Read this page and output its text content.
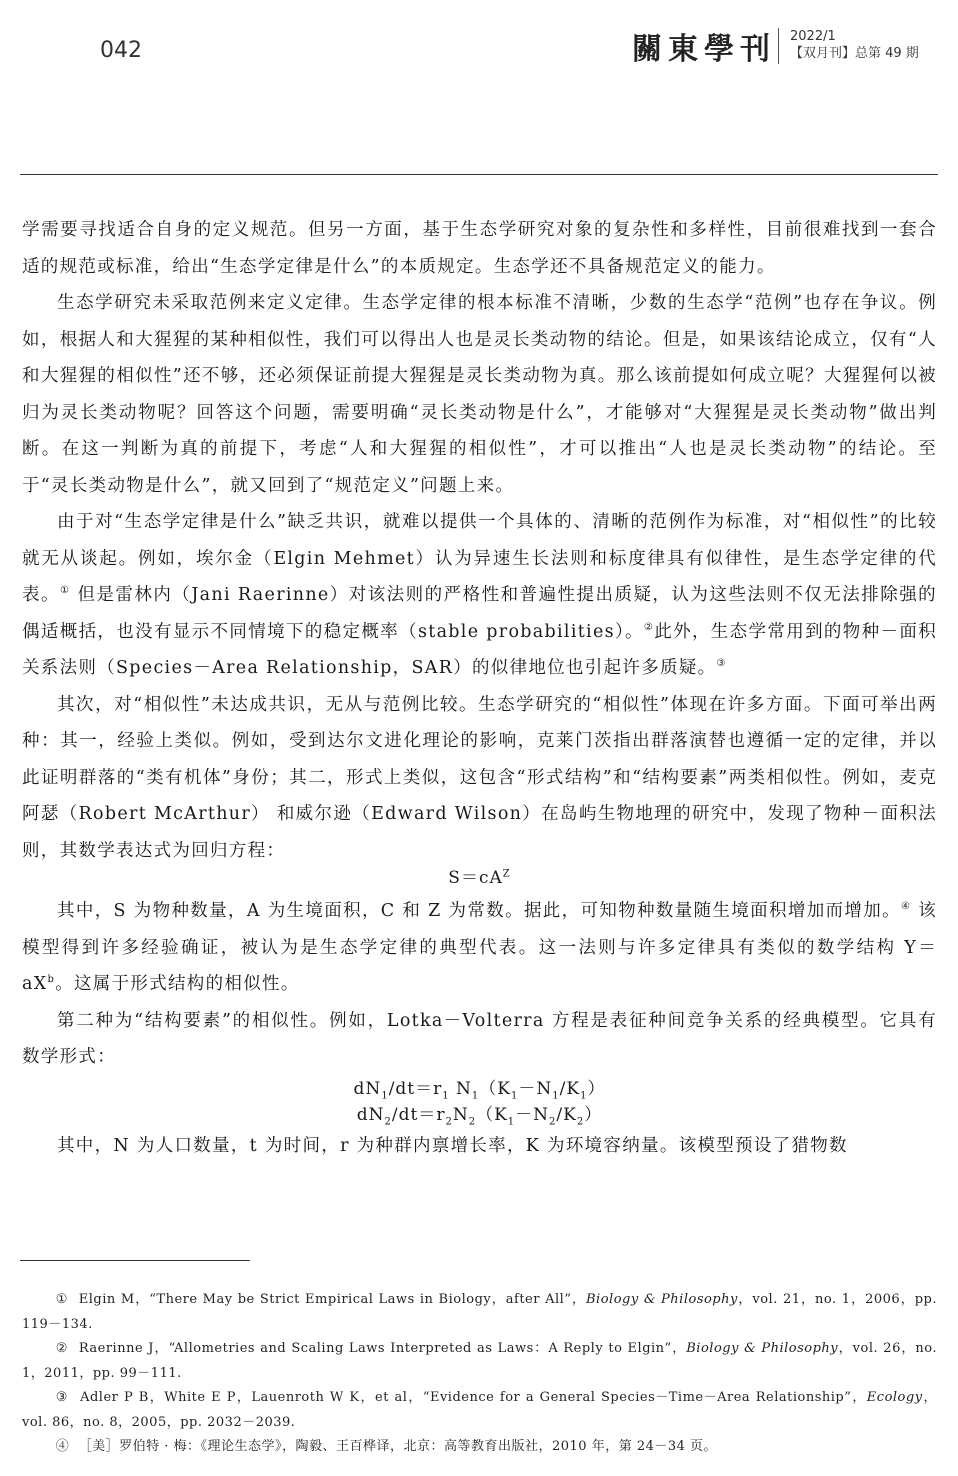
042	關東學刊 2022/1
【双月刊】总第 49 期

学需要寻找适合自身的定义规范。但另一方面，基于生态学研究对象的复杂性和多样性，目前很难找到一套合适的规范或标准，给出“生态学定律是什么”的本质规定。生态学还不具备规范定义的能力。

生态学研究未采取范例来定义定律。生态学定律的根本标准不清晰，少数的生态学“范例”也存在争议。例如，根据人和大猩猩的某种相似性，我们可以得出人也是灵长类动物的结论。但是，如果该结论成立，仅有“人和大猩猩的相似性”还不够，还必须保证前提大猩猩是灵长类动物为真。那么该前提如何成立呢？大猩猩何以被归为灵长类动物呢？回答这个问题，需要明确“灵长类动物是什么”，才能够对“大猩猩是灵长类动物”做出判断。在这一判断为真的前提下，考虑“人和大猩猩的相似性”，才可以推出“人也是灵长类动物”的结论。至于“灵长类动物是什么”，就又回到了“规范定义”问题上来。

由于对“生态学定律是什么”缺乏共识，就难以提供一个具体的、清晰的范例作为标准，对“相似性”的比较就无从谈起。例如，埃尔金（Elgin Mehmet）认为异速生长法则和标度律具有似律性，是生态学定律的代表。① 但是雷林内（Jani Raerinne）对该法则的严格性和普遍性提出质疑，认为这些法则不仅无法排除强的偶适概括，也没有显示不同情境下的稳定概率（stable probabilities）。②此外，生态学常用到的物种－面积关系法则（Species－Area Relationship，SAR）的似律地位也引起许多质疑。③

其次，对“相似性”未达成共识，无从与范例比较。生态学研究的“相似性”体现在许多方面。下面可举出两种：其一，经验上类似。例如，受到达尔文进化理论的影响，克莱门茨指出群落演替也遵循一定的定律，并以此证明群落的“类有机体”身份；其二，形式上类似，这包含“形式结构”和“结构要素”两类相似性。例如，麦克阿瑟（Robert McArthur） 和威尔逊（Edward Wilson）在岛屿生物地理的研究中，发现了物种－面积法则，其数学表达式为回归方程：

$S=cA^Z$

其中，S 为物种数量，A 为生境面积，C 和 Z 为常数。据此，可知物种数量随生境面积增加而增加。④ 该模型得到许多经验确证，被认为是生态学定律的典型代表。这一法则与许多定律具有类似的数学结构 $Y=aX^b$。这属于形式结构的相似性。

第二种为“结构要素”的相似性。例如，Lotka－Volterra 方程是表征种间竞争关系的经典模型。它具有数学形式：

$dN_1/dt=r_1$ $N_1(K_1-N_1/K_1)$
$dN_2/dt=r_2N_2(K_1-N_2/K_2)$

其中，N 为人口数量，t 为时间，r 为种群内禀增长率，K 为环境容纳量。该模型预设了猎物数

① Elgin M，“There May be Strict Empirical Laws in Biology，after All”，Biology & Philosophy，vol. 21，no. 1，2006，pp. 119－134.

② Raerinne J，“Allometries and Scaling Laws Interpreted as Laws：A Reply to Elgin”，Biology & Philosophy，vol. 26，no. 1，2011，pp. 99－111.

③ Adler P B，White E P，Lauenroth W K，et al，“Evidence for a General Species－Time－Area Relationship”，Ecology，vol. 86，no. 8，2005，pp. 2032－2039.

④ ［美］罗伯特 · 梅：《理论生态学》，陶毅、王百桦译，北京：高等教育出版社，2010 年，第 24－34 页。
